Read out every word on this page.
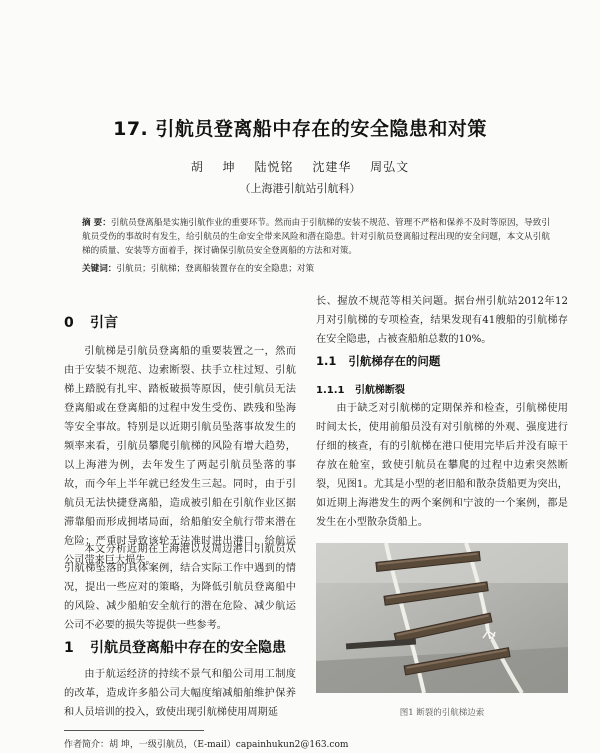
17. 引航员登离船中存在的安全隐患和对策
胡 坤 陆悦铭 沈建华 周弘文
（上海港引航站引航科）
摘 要：引航员登离船是实施引航作业的重要环节。然而由于引航梯的安装不规范、管理不严格和保养不及时等原因，导致引航员受伤的事故时有发生，给引航员的生命安全带来风险和潜在隐患。针对引航员登离船过程出现的安全问题，本文从引航梯的质量、安装等方面着手，探讨确保引航员安全登离船的方法和对策。
关键词：引航员；引航梯；登离船装置存在的安全隐患；对策
0 引言
引航梯是引航员登离船的重要装置之一，然而由于安装不规范、边索断裂、扶手立柱过短、引航梯上踏脱有扎牢、踏板破损等原因，使引航员无法登离船或在登离船的过程中发生受伤、跌残和坠海等安全事故。特别是以近期引航员坠落事故发生的频率来看，引航员攀爬引航梯的风险有增大趋势，以上海港为例，去年发生了两起引航员坠落的事故，而今年上半年就已经发生三起。同时，由于引航员无法快捷登离船，造成被引船在引航作业区据滞靠船而形成拥堵局面，给船舶安全航行带来潜在危险；严重时导致该轮无法准时进出港口，给航运公司带来巨大损失。
本文分析近期在上海港以及周边港口引航员从引航梯坠落的具体案例，结合实际工作中遇到的情况，提出一些应对的策略，为降低引航员登离船中的风险、减少船舶安全航行的潜在危险、减少航运公司不必要的损失等提供一些参考。
1 引航员登离船中存在的安全隐患
由于航运经济的持续不景气和船公司用工制度的改革，造成许多船公司大幅度缩减船舶维护保养和人员培训的投入，致使出现引航梯使用周期延
长、握放不规范等相关问题。据台州引航站2012年12月对引航梯的专项检查，结果发现有41艘船的引航梯存在安全隐患，占被查船舶总数的10%。
1.1 引航梯存在的问题
1.1.1 引航梯断裂
由于缺乏对引航梯的定期保养和检查，引航梯使用时间太长，使用前船员没有对引航梯的外观、强度进行仔细的核查，有的引航梯在港口使用完毕后并没有晾干存放在舱室，致使引航员在攀爬的过程中边索突然断裂，见图1。尤其是小型的老旧船和散杂货船更为突出，如近期上海港发生的两个案例和宁波的一个案例，都是发生在小型散杂货船上。
图1 断裂的引航梯边索
作者简介：胡 坤，一级引航员，（E-mail）capainhukun2@163.com
